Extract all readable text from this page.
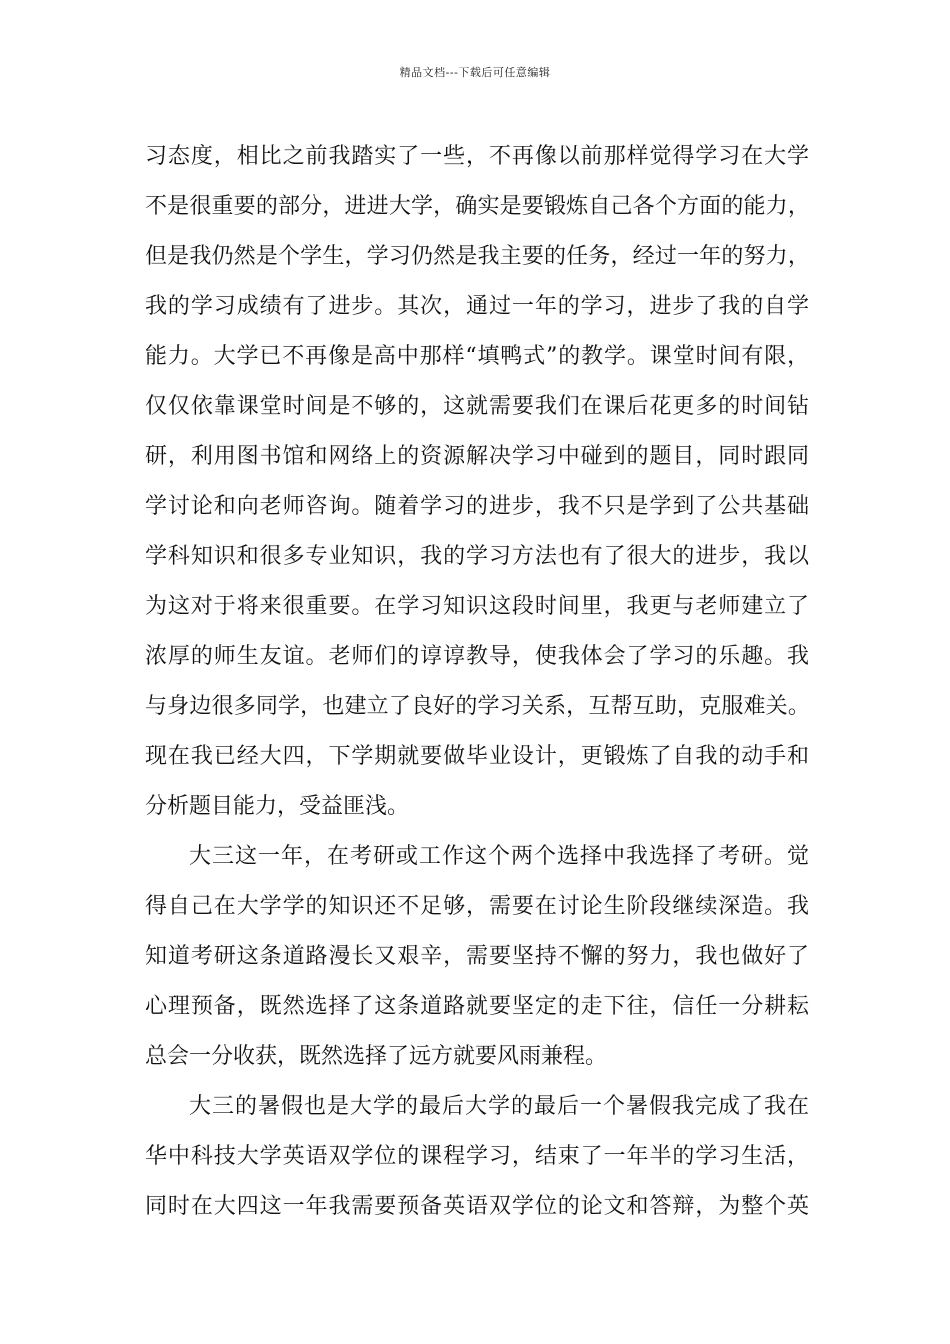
精品文档---下载后可任意编辑
习态度，相比之前我踏实了一些，不再像以前那样觉得学习在大学
不是很重要的部分，进进大学，确实是要锻炼自己各个方面的能力，
但是我仍然是个学生，学习仍然是我主要的任务，经过一年的努力，
我的学习成绩有了进步。其次，通过一年的学习，进步了我的自学
能力。大学已不再像是高中那样“填鸭式”的教学。课堂时间有限，
仅仅依靠课堂时间是不够的，这就需要我们在课后花更多的时间钻
研，利用图书馆和网络上的资源解决学习中碰到的题目，同时跟同
学讨论和向老师咨询。随着学习的进步，我不只是学到了公共基础
学科知识和很多专业知识，我的学习方法也有了很大的进步，我以
为这对于将来很重要。在学习知识这段时间里，我更与老师建立了
浓厚的师生友谊。老师们的谆谆教导，使我体会了学习的乐趣。我
与身边很多同学，也建立了良好的学习关系，互帮互助，克服难关。
现在我已经大四，下学期就要做毕业设计，更锻炼了自我的动手和
分析题目能力，受益匪浅。
大三这一年，在考研或工作这个两个选择中我选择了考研。觉
得自己在大学学的知识还不足够，需要在讨论生阶段继续深造。我
知道考研这条道路漫长又艰辛，需要坚持不懈的努力，我也做好了
心理预备，既然选择了这条道路就要坚定的走下往，信任一分耕耘
总会一分收获，既然选择了远方就要风雨兼程。
大三的暑假也是大学的最后大学的最后一个暑假我完成了我在
华中科技大学英语双学位的课程学习，结束了一年半的学习生活，
同时在大四这一年我需要预备英语双学位的论文和答辩，为整个英
